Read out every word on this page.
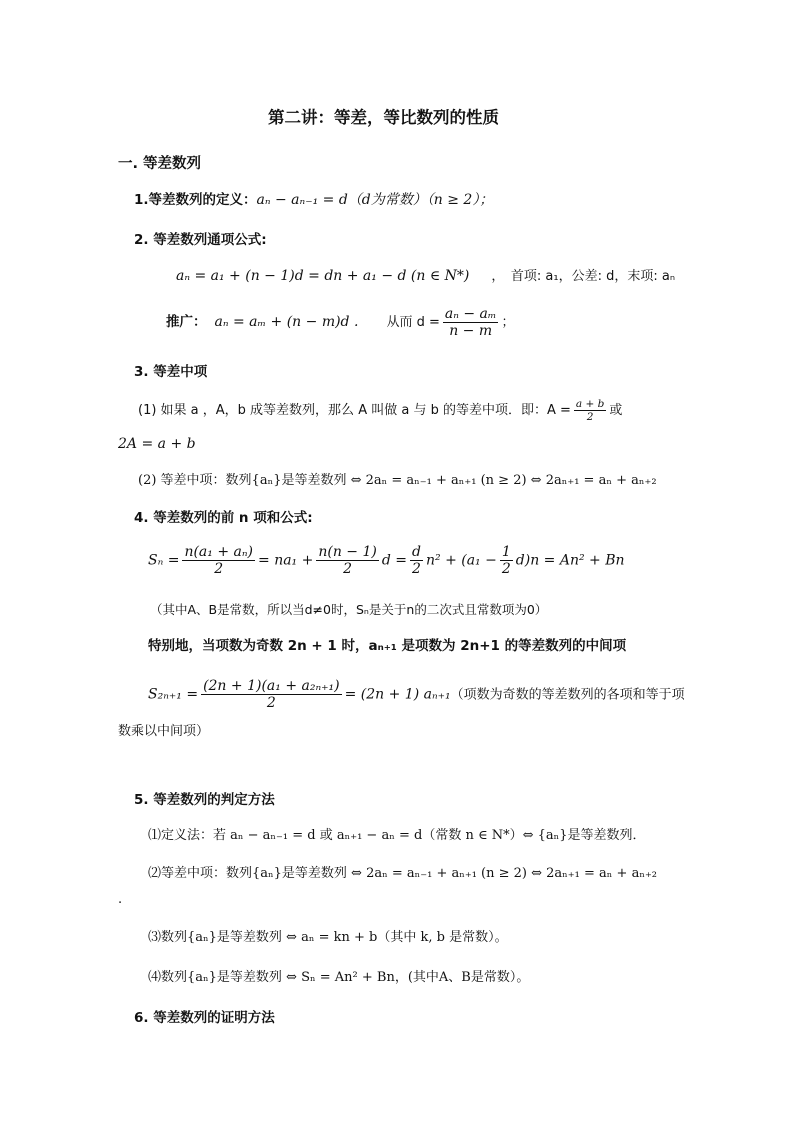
第二讲：等差，等比数列的性质
一. 等差数列
1.等差数列的定义：aₙ − aₙ₋₁ = d（d为常数）（n ≥ 2）；
2. 等差数列通项公式:
aₙ = a₁ + (n − 1)d = dn + a₁ − d (n ∈ N*) ，　首项: a₁，公差: d，末项: aₙ
推广： aₙ = aₘ + (n − m)d . 从而 $d = \frac{\text{aₙ − aₘ}}{n - m}$ ；
3. 等差中项
(1) 如果 a ，A，b 成等差数列，那么 A 叫做 a 与 b 的等差中项．即：$A = \frac{a + b}{2}$ 或
2A = a + b
(2) 等差中项：数列{aₙ}是等差数列 ⇔ 2aₙ = aₙ₋₁ + aₙ₊₁ (n ≥ 2) ⇔ 2aₙ₊₁ = aₙ + aₙ₊₂
4. 等差数列的前 n 项和公式:
$S_n = \frac{\text{n(a₁ + aₙ)}}{2} = na_1 + \frac{n(n - 1)}{2}$ $d = \frac{d}{2} n^2 + (a_1 - \frac{1}{2} d)n = An^2 + Bn$
（其中A、B是常数，所以当d≠0时，Sₙ是关于n的二次式且常数项为0）
特别地，当项数为奇数 2n + 1 时，aₙ₊₁ 是项数为 2n+1 的等差数列的中间项
$S_{2n+1} = \frac{\text{(2n + 1)(a₁ + a₂ₙ₊₁)}}{2} = (2n + 1)$ aₙ₊₁（项数为奇数的等差数列的各项和等于项
数乘以中间项）
5. 等差数列的判定方法
⑴定义法：若 aₙ − aₙ₋₁ = d 或 aₙ₊₁ − aₙ = d（常数 n ∈ N*）⇔ {aₙ}是等差数列．
⑵等差中项：数列{aₙ}是等差数列 ⇔ 2aₙ = aₙ₋₁ + aₙ₊₁ (n ≥ 2) ⇔ 2aₙ₊₁ = aₙ + aₙ₊₂
.
⑶数列{aₙ}是等差数列 ⇔ aₙ = kn + b（其中 k, b 是常数）。
⑷数列{aₙ}是等差数列 ⇔ Sₙ = An² + Bn，(其中A、B是常数）。
6. 等差数列的证明方法
